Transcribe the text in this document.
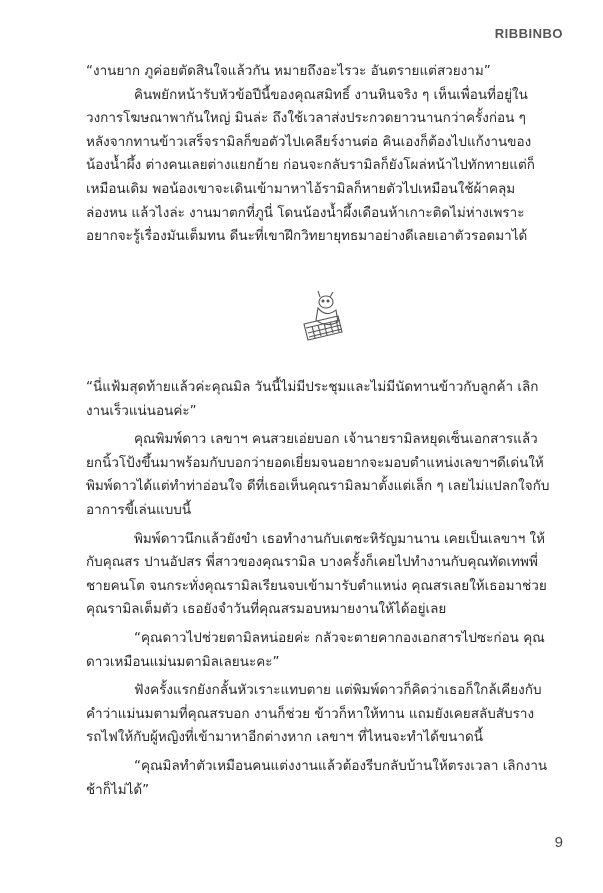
RIBBINBO

“งานยาก ภูค่อยตัดสินใจแล้วกัน หมายถึงอะไรวะ อันตรายแต่สวยงาม”

คินพยักหน้ารับหัวข้อปีนี้ของคุณสมิทธิ์ งานหินจริง ๆ เห็นเพื่อนที่อยู่ในวงการโฆษณาพากันใหญ่ มินล่ะ ถึงใช้เวลาส่งประกวดยาวนานกว่าครั้งก่อน ๆ หลังจากทานข้าวเสร็จรามิลก็ขอตัวไปเคลียร์งานต่อ คินเองก็ต้องไปแก้งานของน้องน้ำผึ้ง ต่างคนเลยต่างแยกย้าย ก่อนจะกลับรามิลก็ยังโผล่หน้าไปทักทายแต่ก็เหมือนเดิม พอน้องเขาจะเดินเข้ามาหาไอ้รามิลก็หายตัวไปเหมือนใช้ผ้าคลุมล่องหน แล้วไงล่ะ งานมาตกที่ภูนี่ โดนน้องน้ำผึ้งเดือนห้าเกาะติดไม่ห่างเพราะอยากจะรู้เรื่องมันเต็มทน ดีนะที่เขาฝึกวิทยายุทธมาอย่างดีเลยเอาตัวรอดมาได้

“นี่แฟ้มสุดท้ายแล้วค่ะคุณมิล วันนี้ไม่มีประชุมและไม่มีนัดทานข้าวกับลูกค้า เลิกงานเร็วแน่นอนค่ะ”

คุณพิมพ์ดาว เลขาฯ คนสวยเอ่ยบอก เจ้านายรามิลหยุดเซ็นเอกสารแล้วยกนิ้วโป้งขึ้นมาพร้อมกับบอกว่ายอดเยี่ยมจนอยากจะมอบตำแหน่งเลขาฯดีเด่นให้ พิมพ์ดาวได้แต่ทำท่าอ่อนใจ ดีที่เธอเห็นคุณรามิลมาตั้งแต่เล็ก ๆ เลยไม่แปลกใจกับอาการขี้เล่นแบบนี้

พิมพ์ดาวนึกแล้วยังขำ เธอทำงานกับเตชะหิรัญมานาน เคยเป็นเลขาฯ ให้กับคุณสร ปานอัปสร พี่สาวของคุณรามิล บางครั้งก็เคยไปทำงานกับคุณทัดเทพพี่ชายคนโต จนกระทั่งคุณรามิลเรียนจบเข้ามารับตำแหน่ง คุณสรเลยให้เธอมาช่วยคุณรามิลเต็มตัว เธอยังจำวันที่คุณสรมอบหมายงานให้ได้อยู่เลย

“คุณดาวไปช่วยตามิลหน่อยค่ะ กลัวจะตายคากองเอกสารไปซะก่อน คุณดาวเหมือนแม่นมตามิลเลยนะคะ”

ฟังครั้งแรกยังกลั้นหัวเราะแทบตาย แต่พิมพ์ดาวก็คิดว่าเธอก็ใกล้เคียงกับคำว่าแม่นมตามที่คุณสรบอก งานก็ช่วย ข้าวก็หาให้ทาน แถมยังเคยสลับสับรางรถไฟให้กับผู้หญิงที่เข้ามาหาอีกต่างหาก เลขาฯ ที่ไหนจะทำได้ขนาดนี้

“คุณมิลทำตัวเหมือนคนแต่งงานแล้วต้องรีบกลับบ้านให้ตรงเวลา เลิกงานช้าก็ไม่ได้”

9
